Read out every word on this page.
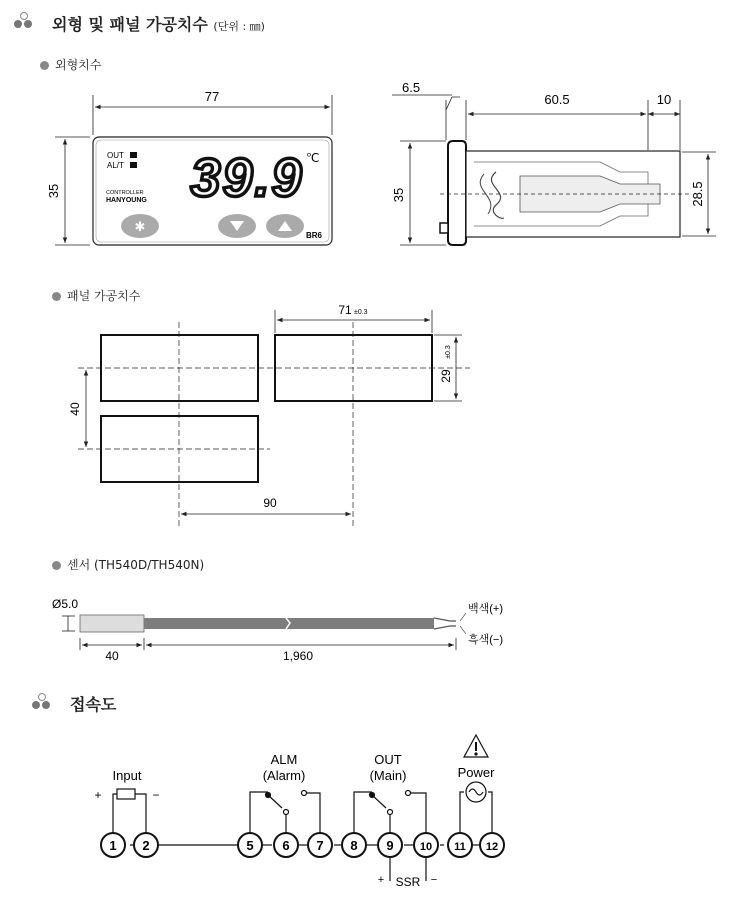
외형 및 패널 가공치수 (단위 : ㎜)
외형치수
패널 가공치수
센서 (TH540D/TH540N)
접속도
77
35
OUT
AL/T 39.9 ℃
CONTROLLER
HANYOUNG
BR6
✱
6.5
60.5	10
35	28.5
71 ±0.3
29
±0.3
40
90
Ø5.0	백색(+)
흑색(−)
40	1,960
Input
+	−
ALM
(Alarm)
OUT
(Main)	Power
SSR
+	−
1 2	5 6 7 8 9 10 11 12
